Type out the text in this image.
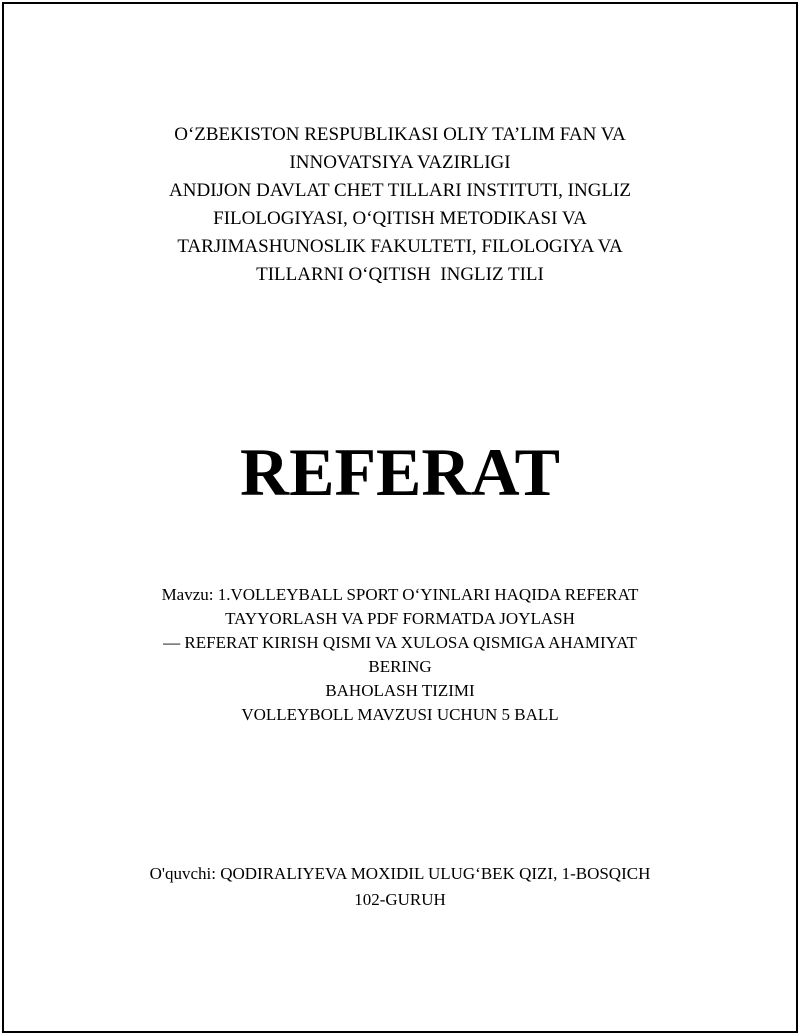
O‘ZBEKISTON RESPUBLIKASI OLIY TA’LIM FAN VA
INNOVATSIYA VAZIRLIGI
ANDIJON DAVLAT CHET TILLARI INSTITUTI, INGLIZ
FILOLOGIYASI, O‘QITISH METODIKASI VA
TARJIMASHUNOSLIK FAKULTETI, FILOLOGIYA VA
TILLARNI O‘QITISH  INGLIZ TILI
REFERAT
Mavzu: 1.VOLLEYBALL SPORT O‘YINLARI HAQIDA REFERAT
TAYYORLASH VA PDF FORMATDA JOYLASH
— REFERAT KIRISH QISMI VA XULOSA QISMIGA AHAMIYAT
BERING
BAHOLASH TIZIMI
VOLLEYBOLL MAVZUSI UCHUN 5 BALL
O'quvchi: QODIRALIYEVA MOXIDIL ULUG‘BEK QIZI, 1-BOSQICH
102-GURUH
